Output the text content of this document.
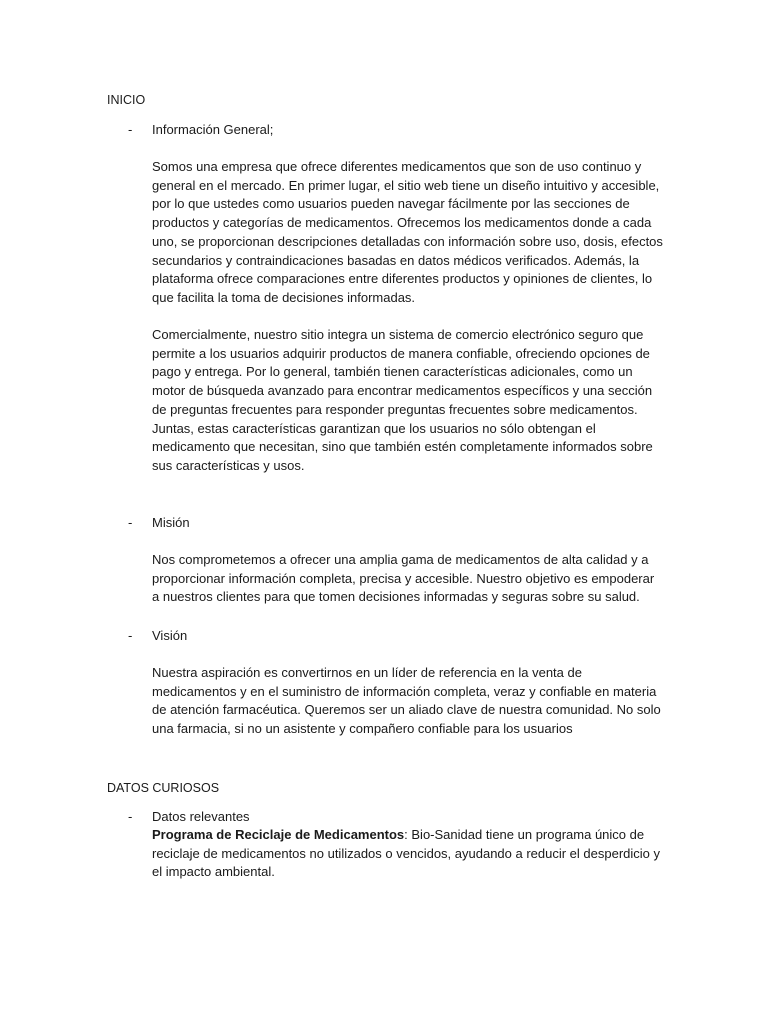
INICIO
- Información General;

Somos una empresa que ofrece diferentes medicamentos que son de uso continuo y general en el mercado. En primer lugar, el sitio web tiene un diseño intuitivo y accesible, por lo que ustedes como usuarios pueden navegar fácilmente por las secciones de productos y categorías de medicamentos. Ofrecemos los medicamentos donde a cada uno, se proporcionan descripciones detalladas con información sobre uso, dosis, efectos secundarios y contraindicaciones basadas en datos médicos verificados. Además, la plataforma ofrece comparaciones entre diferentes productos y opiniones de clientes, lo que facilita la toma de decisiones informadas.

Comercialmente, nuestro sitio integra un sistema de comercio electrónico seguro que permite a los usuarios adquirir productos de manera confiable, ofreciendo opciones de pago y entrega. Por lo general, también tienen características adicionales, como un motor de búsqueda avanzado para encontrar medicamentos específicos y una sección de preguntas frecuentes para responder preguntas frecuentes sobre medicamentos. Juntas, estas características garantizan que los usuarios no sólo obtengan el medicamento que necesitan, sino que también estén completamente informados sobre sus características y usos.

- Misión

Nos comprometemos a ofrecer una amplia gama de medicamentos de alta calidad y a proporcionar información completa, precisa y accesible. Nuestro objetivo es empoderar a nuestros clientes para que tomen decisiones informadas y seguras sobre su salud.

- Visión

Nuestra aspiración es convertirnos en un líder de referencia en la venta de medicamentos y en el suministro de información completa, veraz y confiable en materia de atención farmacéutica. Queremos ser un aliado clave de nuestra comunidad. No solo una farmacia, si no un asistente y compañero confiable para los usuarios

DATOS CURIOSOS
- Datos relevantes

Programa de Reciclaje de Medicamentos: Bio-Sanidad tiene un programa único de reciclaje de medicamentos no utilizados o vencidos, ayudando a reducir el desperdicio y el impacto ambiental.
